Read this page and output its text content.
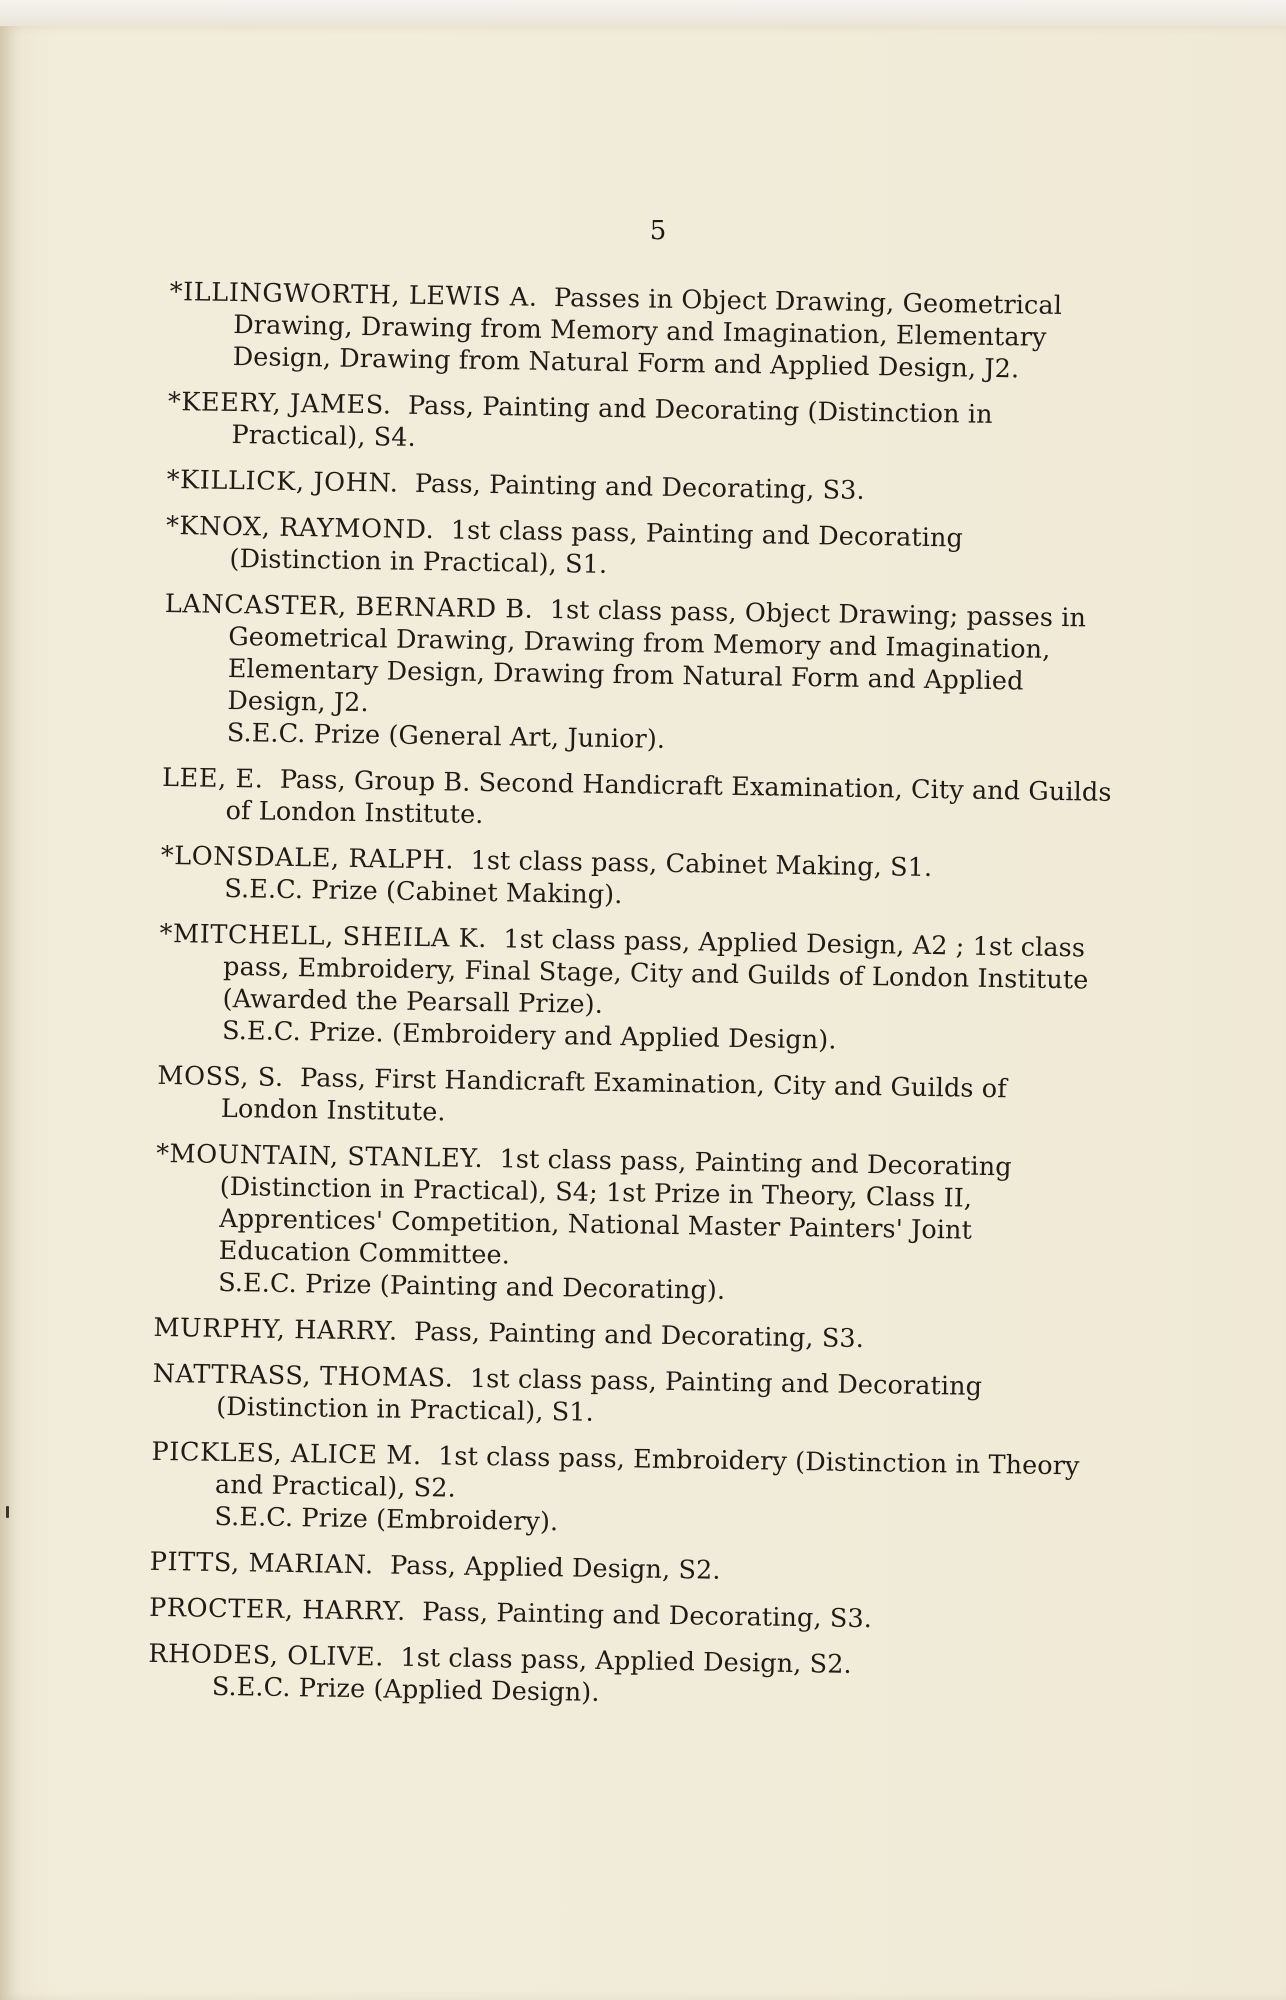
5
*ILLINGWORTH, LEWIS A. Passes in Object Drawing, Geometrical Drawing, Drawing from Memory and Imagination, Elementary Design, Drawing from Natural Form and Applied Design, J2.
*KEERY, JAMES. Pass, Painting and Decorating (Distinction in Practical), S4.
*KILLICK, JOHN. Pass, Painting and Decorating, S3.
*KNOX, RAYMOND. 1st class pass, Painting and Decorating (Distinction in Practical), S1.
LANCASTER, BERNARD B. 1st class pass, Object Drawing; passes in Geometrical Drawing, Drawing from Memory and Imagination, Elementary Design, Drawing from Natural Form and Applied Design, J2.
S.E.C. Prize (General Art, Junior).
LEE, E. Pass, Group B. Second Handicraft Examination, City and Guilds of London Institute.
*LONSDALE, RALPH. 1st class pass, Cabinet Making, S1.
S.E.C. Prize (Cabinet Making).
*MITCHELL, SHEILA K. 1st class pass, Applied Design, A2 ; 1st class pass, Embroidery, Final Stage, City and Guilds of London Institute (Awarded the Pearsall Prize).
S.E.C. Prize. (Embroidery and Applied Design).
MOSS, S. Pass, First Handicraft Examination, City and Guilds of London Institute.
*MOUNTAIN, STANLEY. 1st class pass, Painting and Decorating (Distinction in Practical), S4; 1st Prize in Theory, Class II, Apprentices' Competition, National Master Painters' Joint Education Committee.
S.E.C. Prize (Painting and Decorating).
MURPHY, HARRY. Pass, Painting and Decorating, S3.
NATTRASS, THOMAS. 1st class pass, Painting and Decorating (Distinction in Practical), S1.
PICKLES, ALICE M. 1st class pass, Embroidery (Distinction in Theory and Practical), S2.
S.E.C. Prize (Embroidery).
PITTS, MARIAN. Pass, Applied Design, S2.
PROCTER, HARRY. Pass, Painting and Decorating, S3.
RHODES, OLIVE. 1st class pass, Applied Design, S2.
S.E.C. Prize (Applied Design).
